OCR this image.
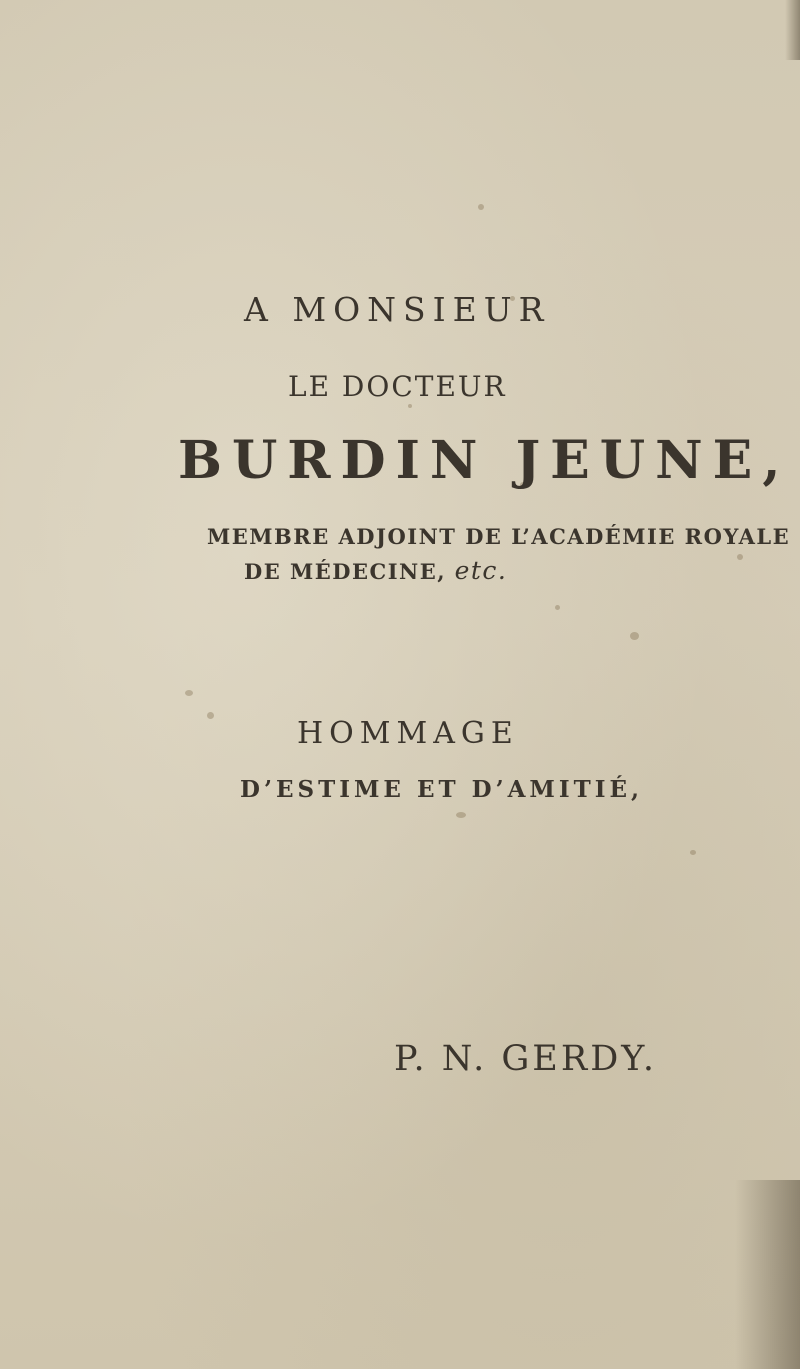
A MONSIEUR
LE DOCTEUR
BURDIN JEUNE,
MEMBRE ADJOINT DE L’ACADÉMIE ROYALE
DE MÉDECINE, etc.
HOMMAGE
D’ESTIME ET D’AMITIÉ,
P. N. GERDY.
